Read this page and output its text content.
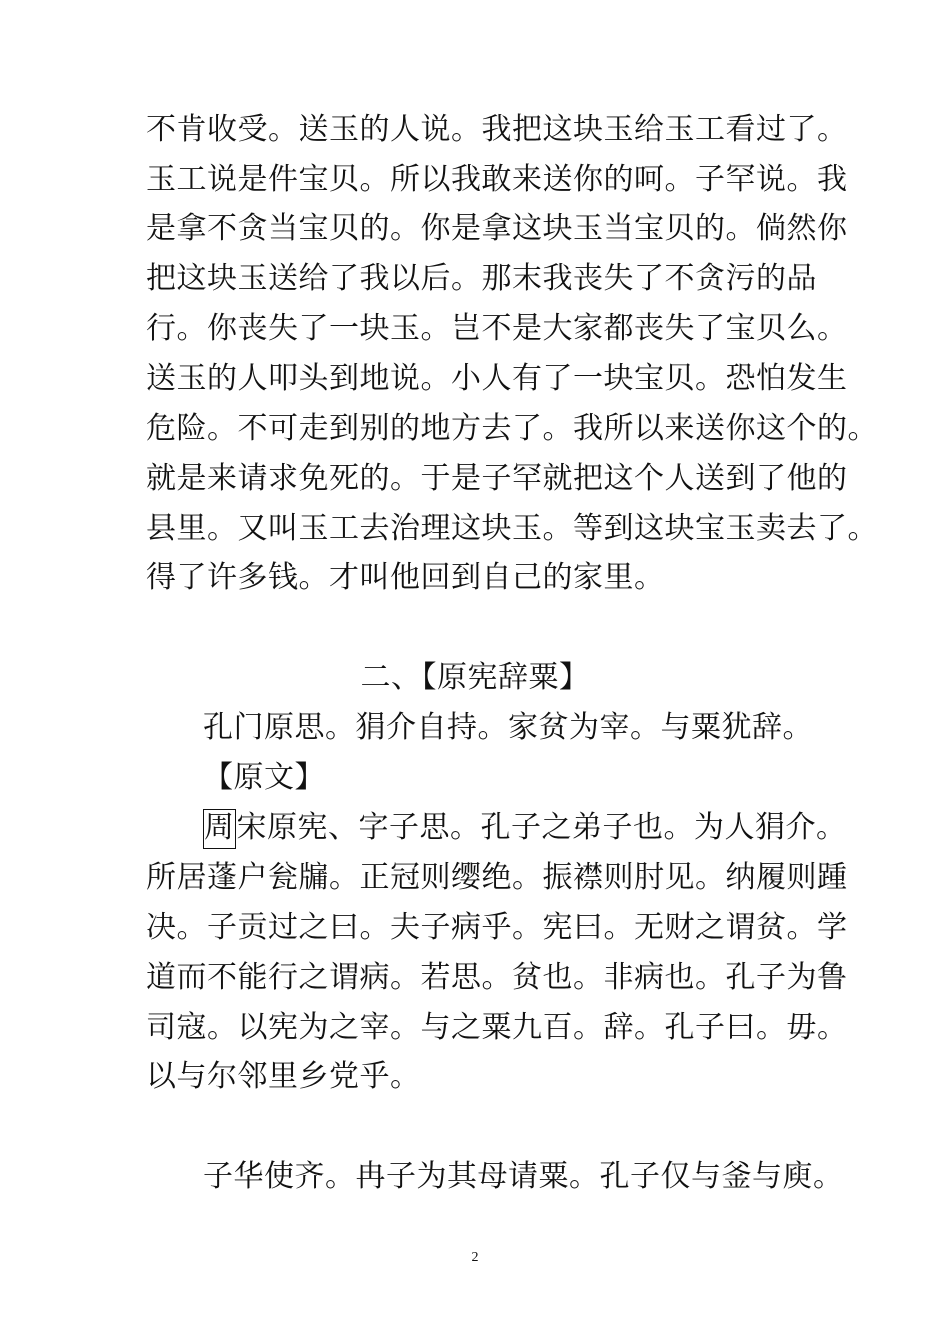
不肯收受。送玉的人说。我把这块玉给玉工看过了。
玉工说是件宝贝。所以我敢来送你的呵。子罕说。我
是拿不贪当宝贝的。你是拿这块玉当宝贝的。倘然你
把这块玉送给了我以后。那末我丧失了不贪污的品
行。你丧失了一块玉。岂不是大家都丧失了宝贝么。
送玉的人叩头到地说。小人有了一块宝贝。恐怕发生
危险。不可走到别的地方去了。我所以来送你这个的。
就是来请求免死的。于是子罕就把这个人送到了他的
县里。又叫玉工去治理这块玉。等到这块宝玉卖去了。
得了许多钱。才叫他回到自己的家里。
二、【原宪辞粟】
孔门原思。狷介自持。家贫为宰。与粟犹辞。
【原文】
周宋原宪、字子思。孔子之弟子也。为人狷介。
所居蓬户瓮牖。正冠则缨绝。振襟则肘见。纳履则踵
决。子贡过之曰。夫子病乎。宪曰。无财之谓贫。学
道而不能行之谓病。若思。贫也。非病也。孔子为鲁
司寇。以宪为之宰。与之粟九百。辞。孔子曰。毋。
以与尔邻里乡党乎。
子华使齐。冉子为其母请粟。孔子仅与釜与庾。
2
